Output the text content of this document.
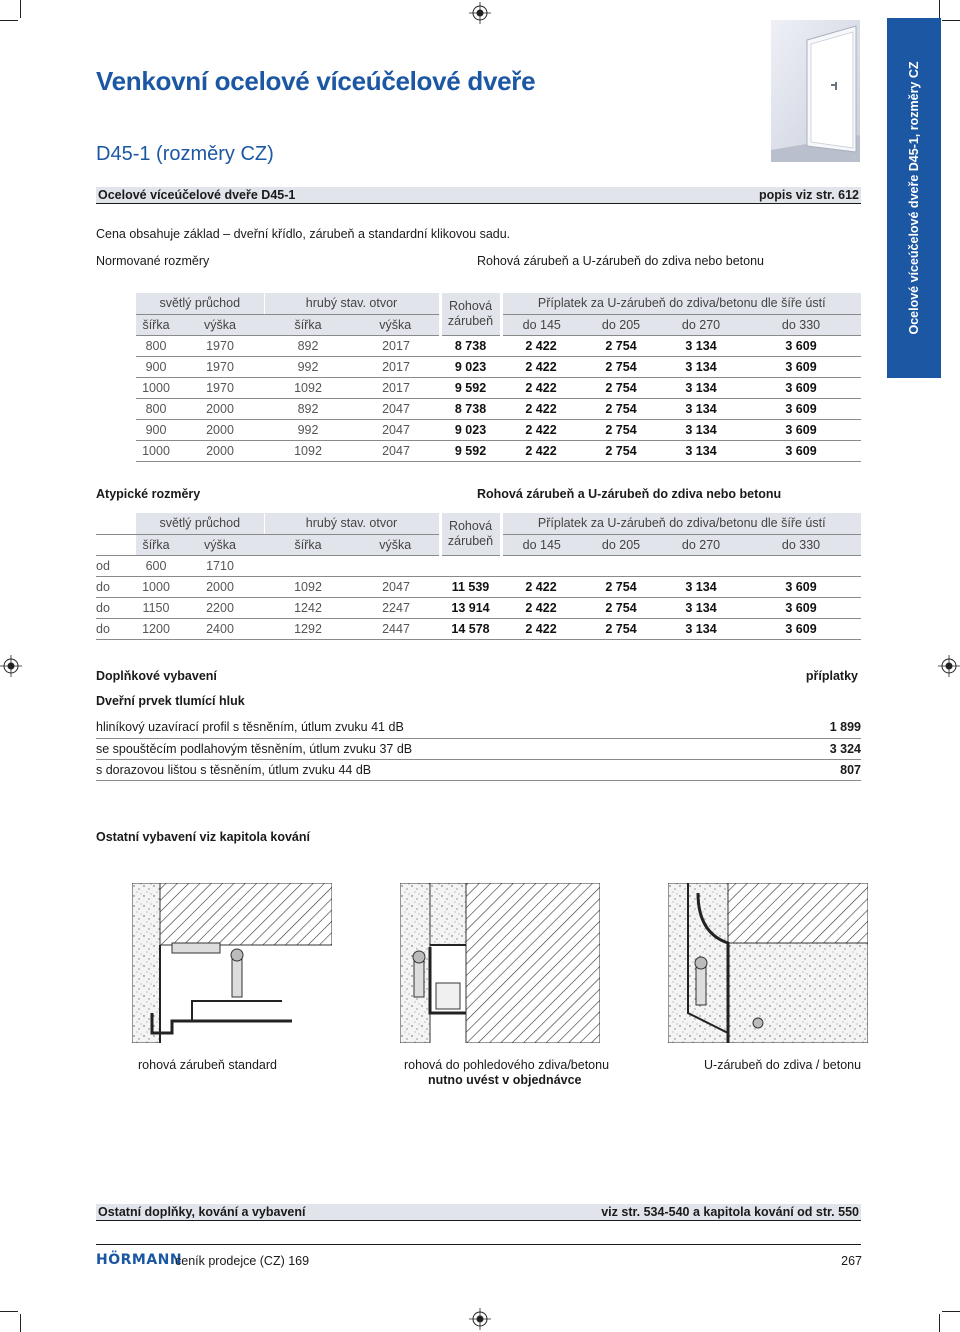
Venkovní ocelové víceúčelové dveře
D45-1 (rozměry CZ)	Ocelové víceúčelové dveře D45-1, rozměry CZ
Ocelové víceúčelové dveře D45-1	popis viz str. 612
Cena obsahuje základ – dveřní křídlo, zárubeň a standardní klikovou sadu.
Normované rozměry	Rohová zárubeň a U-zárubeň do zdiva nebo betonu
světlý průchod		hrubý stav. otvor		Rohová zárubeň	Příplatek za U-zárubeň do zdiva/betonu dle šíře ústí			
šířka	výška	šířka	výška		do 145	do 205	do 270	do 330
800	1970	892	2017	8 738	2 422	2 754	3 134	3 609
900	1970	992	2017	9 023	2 422	2 754	3 134	3 609
1000	1970	1092	2017	9 592	2 422	2 754	3 134	3 609
800	2000	892	2047	8 738	2 422	2 754	3 134	3 609
900	2000	992	2047	9 023	2 422	2 754	3 134	3 609
1000	2000	1092	2047	9 592	2 422	2 754	3 134	3 609
Atypické rozměry	Rohová zárubeň a U-zárubeň do zdiva nebo betonu
	světlý průchod		hrubý stav. otvor		Rohová zárubeň	Příplatek za U-zárubeň do zdiva/betonu dle šíře ústí			
	šířka	výška	šířka	výška		do 145	do 205	do 270	do 330
od	600	1710							
do	1000	2000	1092	2047	11 539	2 422	2 754	3 134	3 609
do	1150	2200	1242	2247	13 914	2 422	2 754	3 134	3 609
do	1200	2400	1292	2447	14 578	2 422	2 754	3 134	3 609
Doplňkové vybavení	příplatky
Dveřní prvek tlumící hluk
hliníkový uzavírací profil s těsněním, útlum zvuku 41 dB	1 899
se spouštěcím podlahovým těsněním, útlum zvuku 37 dB	3 324
s dorazovou lištou s těsněním, útlum zvuku 44 dB	807
Ostatní vybavení viz kapitola kování
rohová zárubeň standard	rohová do pohledového zdiva/betonu
nutno uvést v objednávce
U-zárubeň do zdiva / betonu
Ostatní doplňky, kování a vybavení	viz str. 534-540 a kapitola kování od str. 550
HÖRMANN
ceník prodejce (CZ) 169	267
